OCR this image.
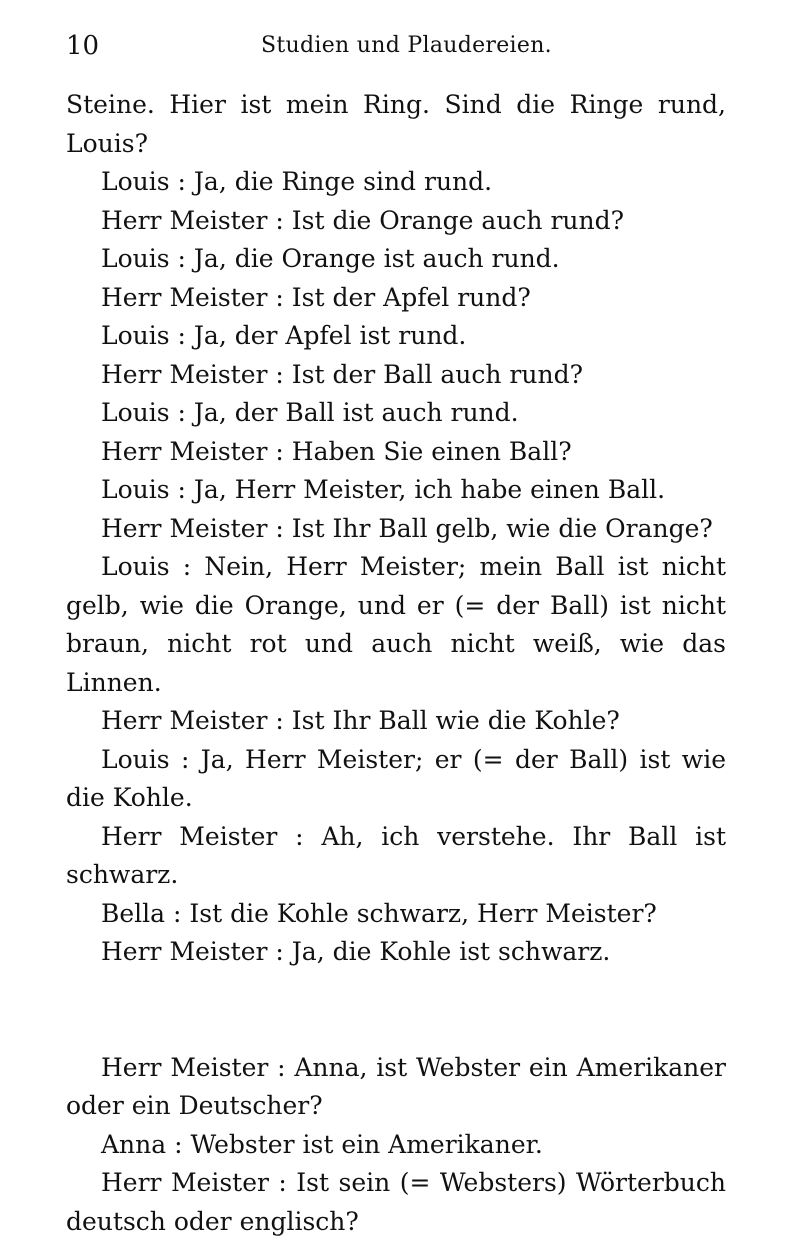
10	Studien und Plaudereien.

Steine. Hier ist mein Ring. Sind die Ringe rund, Louis?

Louis : Ja, die Ringe sind rund.

Herr Meister : Ist die Orange auch rund?

Louis : Ja, die Orange ist auch rund.

Herr Meister : Ist der Apfel rund?

Louis : Ja, der Apfel ist rund.

Herr Meister : Ist der Ball auch rund?

Louis : Ja, der Ball ist auch rund.

Herr Meister : Haben Sie einen Ball?

Louis : Ja, Herr Meister, ich habe einen Ball.

Herr Meister : Ist Ihr Ball gelb, wie die Orange?

Louis : Nein, Herr Meister; mein Ball ist nicht gelb, wie die Orange, und er (= der Ball) ist nicht braun, nicht rot und auch nicht weiß, wie das Linnen.

Herr Meister : Ist Ihr Ball wie die Kohle?

Louis : Ja, Herr Meister; er (= der Ball) ist wie die Kohle.

Herr Meister : Ah, ich verstehe. Ihr Ball ist schwarz.

Bella : Ist die Kohle schwarz, Herr Meister?

Herr Meister : Ja, die Kohle ist schwarz.

Herr Meister : Anna, ist Webster ein Amerikaner oder ein Deutscher?

Anna : Webster ist ein Amerikaner.

Herr Meister : Ist sein (= Websters) Wörterbuch deutsch oder englisch?
